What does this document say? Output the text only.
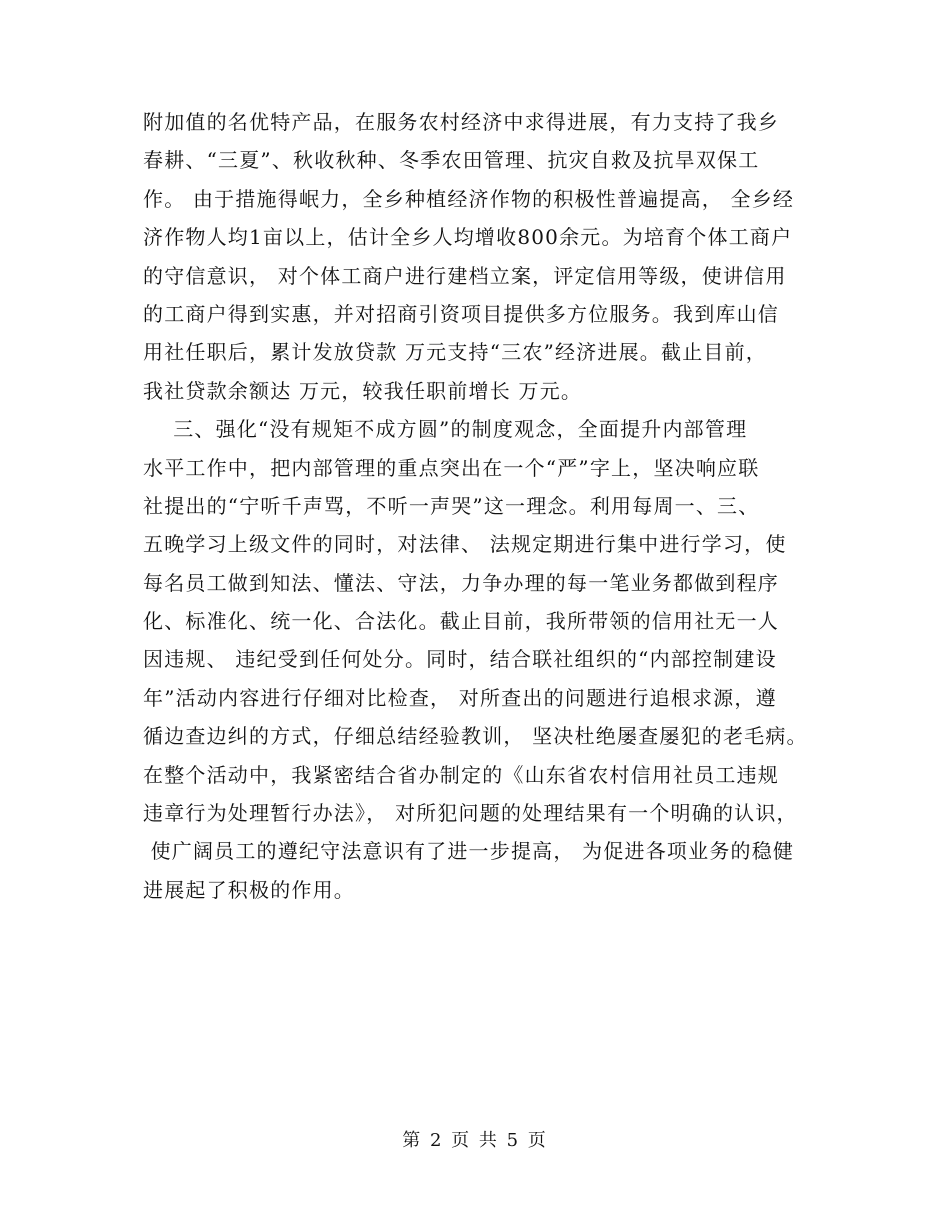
附加值的名优特产品，在服务农村经济中求得进展，有力支持了我乡
春耕、“三夏”、秋收秋种、冬季农田管理、抗灾自救及抗旱双保工
作。 由于措施得岷力，全乡种植经济作物的积极性普遍提高， 全乡经
济作物人均1亩以上，估计全乡人均增收800余元。为培育个体工商户
的守信意识， 对个体工商户进行建档立案，评定信用等级，使讲信用
的工商户得到实惠，并对招商引资项目提供多方位服务。我到库山信
用社任职后，累计发放贷款 万元支持“三农”经济进展。截止目前，
我社贷款余额达 万元，较我任职前增长 万元。
三、强化“没有规矩不成方圆”的制度观念，全面提升内部管理
水平工作中，把内部管理的重点突出在一个“严”字上，坚决响应联
社提出的“宁听千声骂，不听一声哭”这一理念。利用每周一、三、
五晚学习上级文件的同时，对法律、 法规定期进行集中进行学习，使
每名员工做到知法、懂法、守法，力争办理的每一笔业务都做到程序
化、标准化、统一化、合法化。截止目前，我所带领的信用社无一人
因违规、 违纪受到任何处分。同时，结合联社组织的“内部控制建设
年”活动内容进行仔细对比检查， 对所查出的问题进行追根求源，遵
循边查边纠的方式，仔细总结经验教训， 坚决杜绝屡查屡犯的老毛病。
在整个活动中，我紧密结合省办制定的《山东省农村信用社员工违规
违章行为处理暂行办法》， 对所犯问题的处理结果有一个明确的认识，
使广阔员工的遵纪守法意识有了进一步提高， 为促进各项业务的稳健
进展起了积极的作用。
第 2 页 共 5 页
